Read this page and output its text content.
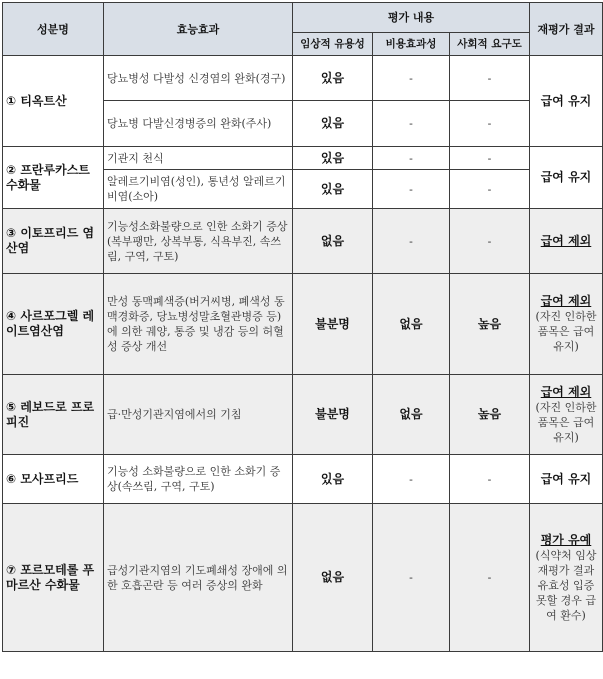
성분명	효능효과	평가 내용			재평가 결과
		임상적 유용성	비용효과성	사회적 요구도	
① 티옥트산	당뇨병성 다발성 신경염의 완화(경구)	있음	-	-	급여 유지
	당뇨병 다발신경병증의 완화(주사)	있음	-	-	
② 프란루카스트 수화물	기관지 천식	있음	-	-	급여 유지
	알레르기비염(성인), 통년성 알레르기비염(소아)	있음	-	-	
③ 이토프리드 염산염	기능성소화불량으로 인한 소화기 증상(복부팽만, 상복부통, 식욕부진, 속쓰림, 구역, 구토)	없음	-	-	급여 제외
④ 사르포그렐 레이트염산염	만성 동맥폐색증(버거씨병, 폐색성 동맥경화증, 당뇨병성말초혈관병증 등)에 의한 궤양, 통증 및 냉감 등의 허혈성 증상 개선	불분명	없음	높음	급여 제외
(자진 인하한 품목은 급여 유지)

⑤ 레보드로 프로피진	급·만성기관지염에서의 기침	불분명	없음	높음	급여 제외
(자진 인하한 품목은 급여 유지)

⑥ 모사프리드	기능성 소화불량으로 인한 소화기 증상(속쓰림, 구역, 구토)	있음	-	-	급여 유지
⑦ 포르모테롤 푸마르산 수화물	급성기관지염의 기도폐쇄성 장애에 의한 호흡곤란 등 여러 증상의 완화	없음	-	-	평가 유예
(식약처 임상재평가 결과 유효성 입증 못할 경우 급여 환수)
